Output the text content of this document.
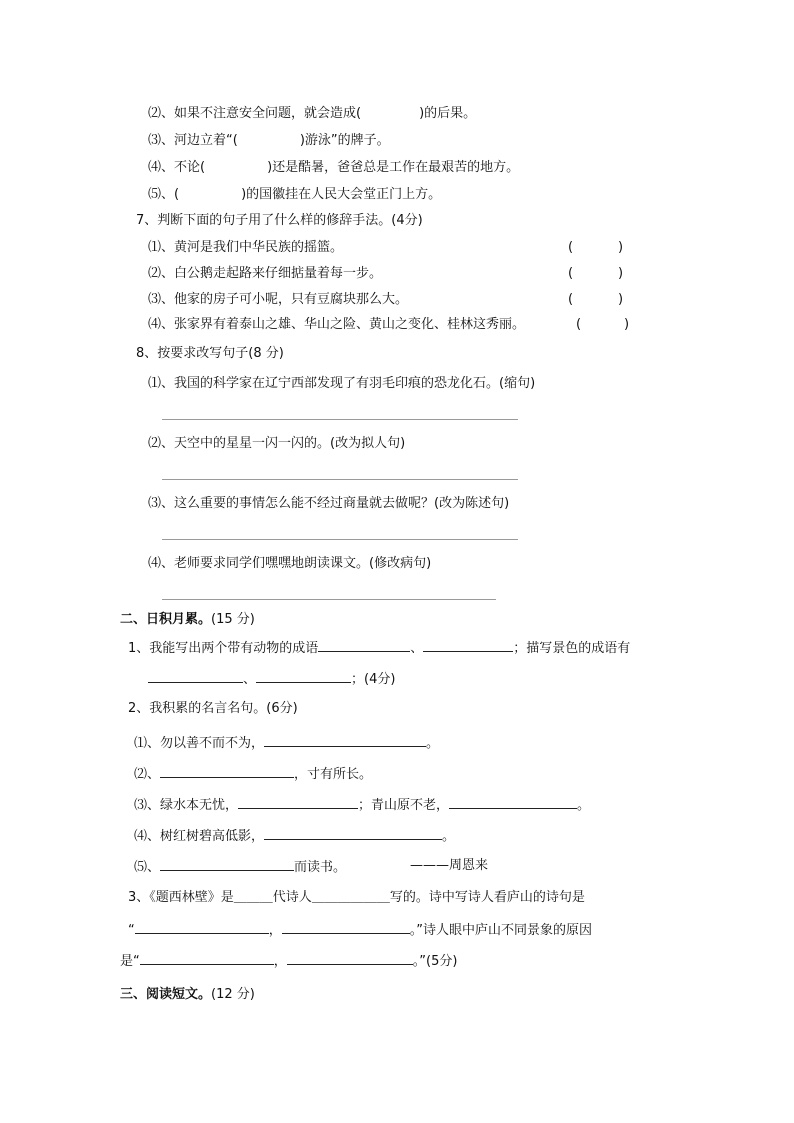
⑵、如果不注意安全问题，就会造成(	)的后果。
⑶、河边立着“(	)游泳”的牌子。
⑷、不论(	)还是酷暑，爸爸总是工作在最艰苦的地方。
⑸、(	)的国徽挂在人民大会堂正门上方。
7、判断下面的句子用了什么样的修辞手法。(4分)
⑴、黄河是我们中华民族的摇篮。	(	)
⑵、白公鹅走起路来仔细掂量着每一步。	(	)
⑶、他家的房子可小呢，只有豆腐块那么大。	(	)
⑷、张家界有着泰山之雄、华山之险、黄山之变化、桂林这秀丽。	(	)
8、按要求改写句子(8 分)
⑴、我国的科学家在辽宁西部发现了有羽毛印痕的恐龙化石。(缩句)
⑵、天空中的星星一闪一闪的。(改为拟人句)
⑶、这么重要的事情怎么能不经过商量就去做呢？(改为陈述句)
⑷、老师要求同学们嘿嘿地朗读课文。(修改病句)
二、日积月累。(15 分)
1、我能写出两个带有动物的成语	、	；描写景色的成语有
、	；(4分)
2、我积累的名言名句。(6分)
⑴、勿以善不而不为，	。
⑵、	，寸有所长。
⑶、绿水本无忧，	；青山原不老，	。
⑷、树红树碧高低影，	。
⑸、	而读书。	———周恩来
3、《题西林壁》是＿＿＿代诗人＿＿＿＿＿＿写的。诗中写诗人看庐山的诗句是
“	，	。”诗人眼中庐山不同景象的原因
是“	，	。”(5分)
三、阅读短文。(12 分)
